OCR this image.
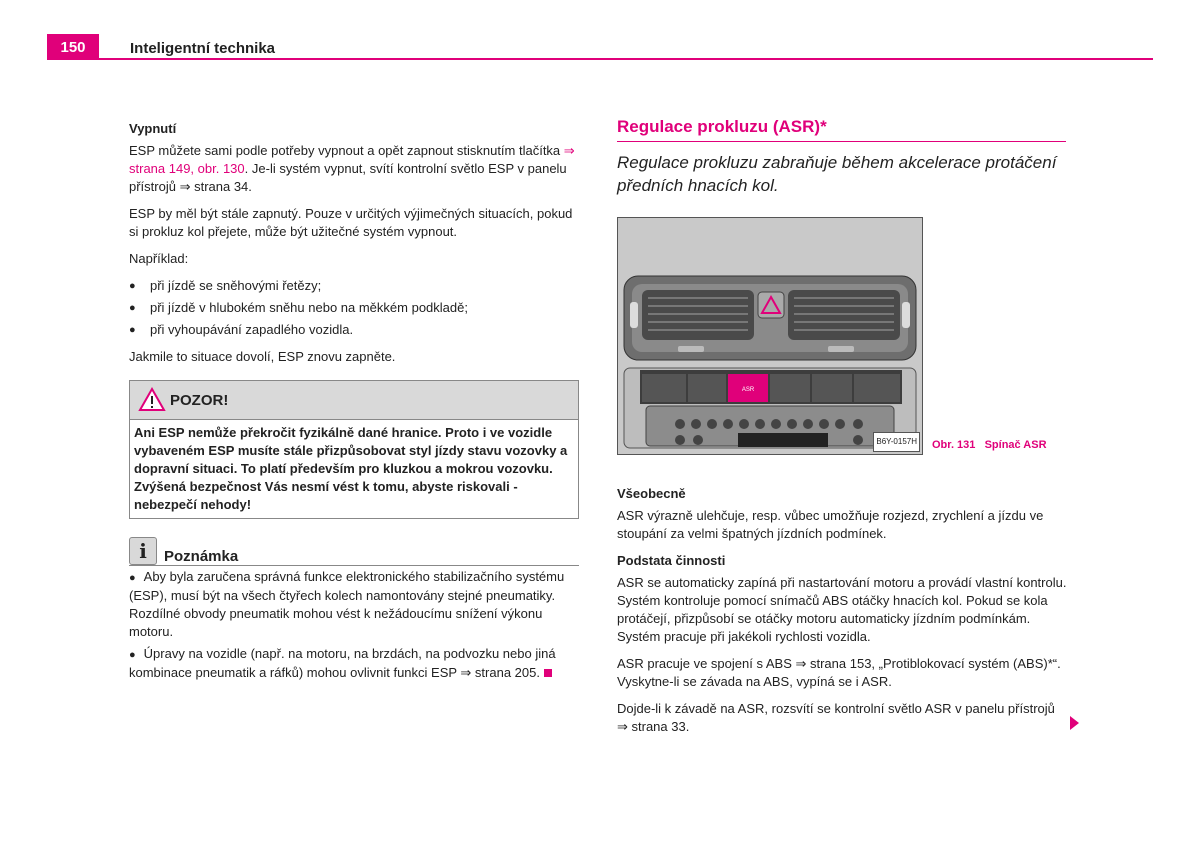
150	Inteligentní technika
Vypnutí

ESP můžete sami podle potřeby vypnout a opět zapnout stisknutím tlačítka ⇒ strana 149, obr. 130. Je-li systém vypnut, svítí kontrolní světlo ESP v panelu přístrojů ⇒ strana 34.

ESP by měl být stále zapnutý. Pouze v určitých výjimečných situacích, pokud si prokluz kol přejete, může být užitečné systém vypnout.

Například:

● při jízdě se sněhovými řetězy;
● při jízdě v hlubokém sněhu nebo na měkkém podkladě;
● při vyhoupávání zapadlého vozidla.

Jakmile to situace dovolí, ESP znovu zapněte.

POZOR!
Ani ESP nemůže překročit fyzikálně dané hranice. Proto i ve vozidle vybaveném ESP musíte stále přizpůsobovat styl jízdy stavu vozovky a dopravní situaci. To platí především pro kluzkou a mokrou vozovku. Zvýšená bezpečnost Vás nesmí vést k tomu, abyste riskovali - nebezpečí nehody!
i	Poznámka

● Aby byla zaručena správná funkce elektronického stabilizačního systému (ESP), musí být na všech čtyřech kolech namontovány stejné pneumatiky. Rozdílné obvody pneumatik mohou vést k nežádoucímu snížení výkonu motoru.

● Úpravy na vozidle (např. na motoru, na brzdách, na podvozku nebo jiná kombinace pneumatik a ráfků) mohou ovlivnit funkci ESP ⇒ strana 205.

Regulace prokluzu (ASR)*

Regulace prokluzu zabraňuje během akcelerace protáčení předních hnacích kol.

ASR
B6Y-0157H
Všeobecně

ASR výrazně ulehčuje, resp. vůbec umožňuje rozjezd, zrychlení a jízdu ve stoupání za velmi špatných jízdních podmínek.

Podstata činnosti

ASR se automaticky zapíná při nastartování motoru a provádí vlastní kontrolu. Systém kontroluje pomocí snímačů ABS otáčky hnacích kol. Pokud se kola protáčejí, přizpůsobí se otáčky motoru automaticky jízdním podmínkám. Systém pracuje při jakékoli rychlosti vozidla.

ASR pracuje ve spojení s ABS ⇒ strana 153, „Protiblokovací systém (ABS)*“. Vyskytne-li se závada na ABS, vypíná se i ASR.

Dojde-li k závadě na ASR, rozsvítí se kontrolní světlo ASR v panelu přístrojů ⇒ strana 33.

Obr. 131 Spínač ASR
